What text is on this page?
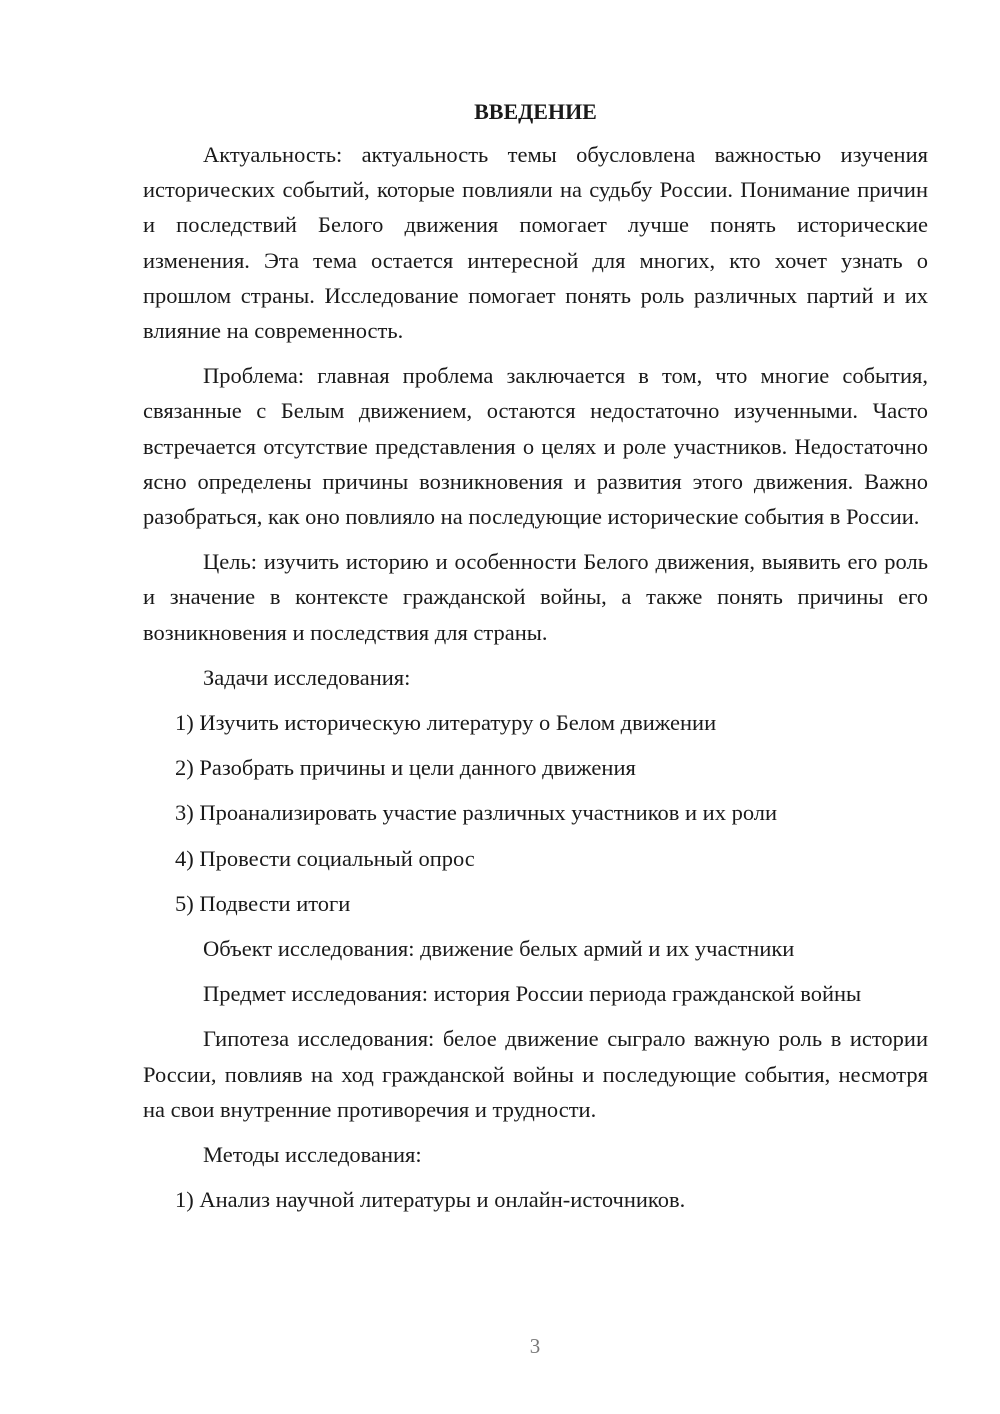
ВВЕДЕНИЕ

Актуальность: актуальность темы обусловлена важностью изучения исторических событий, которые повлияли на судьбу России. Понимание причин и последствий Белого движения помогает лучше понять исторические изменения. Эта тема остается интересной для многих, кто хочет узнать о прошлом страны. Исследование помогает понять роль различных партий и их влияние на современность.

Проблема: главная проблема заключается в том, что многие события, связанные с Белым движением, остаются недостаточно изученными. Часто встречается отсутствие представления о целях и роле участников. Недостаточно ясно определены причины возникновения и развития этого движения. Важно разобраться, как оно повлияло на последующие исторические события в России.

Цель: изучить историю и особенности Белого движения, выявить его роль и значение в контексте гражданской войны, а также понять причины его возникновения и последствия для страны.

Задачи исследования:

1) Изучить историческую литературу о Белом движении

2) Разобрать причины и цели данного движения

3) Проанализировать участие различных участников и их роли

4) Провести социальный опрос

5) Подвести итоги

Объект исследования: движение белых армий и их участники

Предмет исследования: история России периода гражданской войны

Гипотеза исследования: белое движение сыграло важную роль в истории России, повлияв на ход гражданской войны и последующие события, несмотря на свои внутренние противоречия и трудности.

Методы исследования:

1) Анализ научной литературы и онлайн-источников.

3
